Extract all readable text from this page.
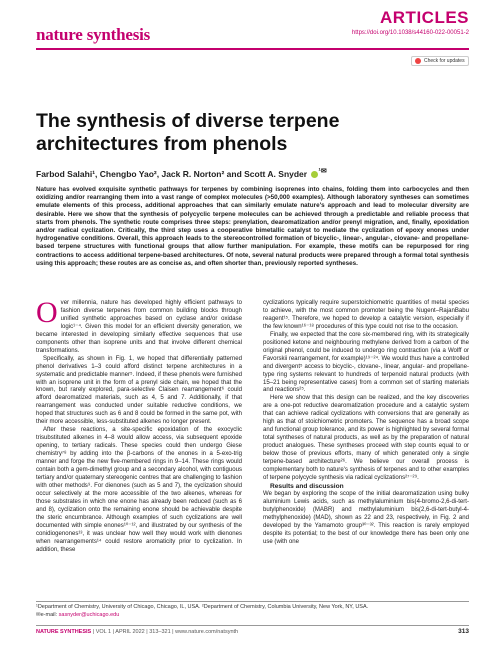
nature synthesis
ARTICLES
https://doi.org/10.1038/s44160-022-00051-2
Check for updates
The synthesis of diverse terpene architectures from phenols
Farbod Salahi¹, Chengbo Yao², Jack R. Norton² and Scott A. Snyder $^{^1✉}$
Nature has evolved exquisite synthetic pathways for terpenes by combining isoprenes into chains, folding them into carbocycles and then oxidizing and/or rearranging them into a vast range of complex molecules (>50,000 examples). Although laboratory syntheses can sometimes emulate elements of this process, additional approaches that can similarly emulate nature's approach and lead to molecular diversity are desirable. Here we show that the synthesis of polycyclic terpene molecules can be achieved through a predictable and reliable process that starts from phenols. The synthetic route comprises three steps: prenylation, dearomatization and/or prenyl migration, and, finally, epoxidation and/or radical cyclization. Critically, the third step uses a cooperative bimetallic catalyst to mediate the cyclization of epoxy enones under hydrogenative conditions. Overall, this approach leads to the stereocontrolled formation of bicyclic-, linear-, angular-, clovane- and propellane-based terpene structures with functional groups that allow further manipulation. For example, these motifs can be repurposed for ring contractions to access additional terpene-based architectures. Of note, several natural products were prepared through a formal total synthesis using this approach; these routes are as concise as, and often shorter than, previously reported syntheses.

Over millennia, nature has developed highly efficient pathways to fashion diverse terpenes from common building blocks through unified synthetic approaches based on cyclase and/or oxidase logic¹⁻⁴. Given this model for an efficient diversity generation, we became interested in developing similarly effective sequences that use components other than isoprene units and that involve different chemical transformations.

Specifically, as shown in Fig. 1, we hoped that differentially patterned phenol derivatives 1–3 could afford distinct terpene architectures in a systematic and predictable manner⁵. Indeed, if these phenols were furnished with an isoprene unit in the form of a prenyl side chain, we hoped that the known, but rarely explored, para-selective Claisen rearrangement⁶ could afford dearomatized materials, such as 4, 5 and 7. Additionally, if that rearrangement was conducted under suitable reductive conditions, we hoped that structures such as 6 and 8 could be formed in the same pot, with their more accessible, less-substituted alkenes no longer present.

After these reactions, a site-specific epoxidation of the exocyclic trisubstituted alkenes in 4–8 would allow access, via subsequent epoxide opening, to tertiary radicals. These species could then undergo Giese chemistry⁷⁸ by adding into the β-carbons of the enones in a 5-exo-trig manner and forge the new five-membered rings in 9–14. These rings would contain both a gem-dimethyl group and a secondary alcohol, with contiguous tertiary and/or quaternary stereogenic centres that are challenging to fashion with other methods⁹. For dienones (such as 5 and 7), the cyclization should occur selectively at the more accessible of the two alkenes, whereas for those substrates in which one enone has already been reduced (such as 6 and 8), cyclization onto the remaining enone should be achievable despite the steric encumbrance. Although examples of such cyclizations are well documented with simple enones¹⁰⁻¹², and illustrated by our synthesis of the conidiogenones¹³, it was unclear how well they would work with dienones when rearrangements¹⁴ could restore aromaticity prior to cyclization. In addition, these

cyclizations typically require superstoichiometric quantities of metal species to achieve, with the most common promoter being the Nugent–RajanBabu reagent¹⁵. Therefore, we hoped to develop a catalytic version, especially if the few known¹⁶⁻¹⁸ procedures of this type could not rise to the occasion.

Finally, we expected that the core six-membered ring, with its strategically positioned ketone and neighbouring methylene derived from a carbon of the original phenol, could be induced to undergo ring contraction (via a Wolff or Favorskii rearrangement, for example)¹⁹⁻²⁴. We would thus have a controlled and divergent⁵ access to bicyclic-, clovane-, linear, angular- and propellane-type ring systems relevant to hundreds of terpenoid natural products (with 15–21 being representative cases) from a common set of starting materials and reactions²⁵.

Here we show that this design can be realized, and the key discoveries are a one-pot reductive dearomatization procedure and a catalytic system that can achieve radical cyclizations with conversions that are generally as high as that of stoichiometric promoters. The sequence has a broad scope and functional group tolerance, and its power is highlighted by several formal total syntheses of natural products, as well as by the preparation of natural product analogues. These syntheses proceed with step counts equal to or below those of previous efforts, many of which generated only a single terpene-based architecture²⁶. We believe our overall process is complementary both to nature's synthesis of terpenes and to other examples of terpene polycycle synthesis via radical cyclizations²⁷⁻²⁹.

Results and discussion

We began by exploring the scope of the initial dearomatization using bulky aluminium Lewis acids, such as methylaluminium bis(4-bromo-2,6-di-tert-butylphenoxide) (MABR) and methylaluminium bis(2,6-di-tert-butyl-4-methylphenoxide) (MAD), shown as 22 and 23, respectively, in Fig. 2 and developed by the Yamamoto group³⁰⁻³². This reaction is rarely employed despite its potential; to the best of our knowledge there has been only one use (with one

¹Department of Chemistry, University of Chicago, Chicago, IL, USA. ²Department of Chemistry, Columbia University, New York, NY, USA.
✉e-mail: sasnyder@uchicago.edu
NATURE SYNTHESIS | VOL 1 | APRIL 2022 | 313–321 | www.nature.com/natsynth	313
